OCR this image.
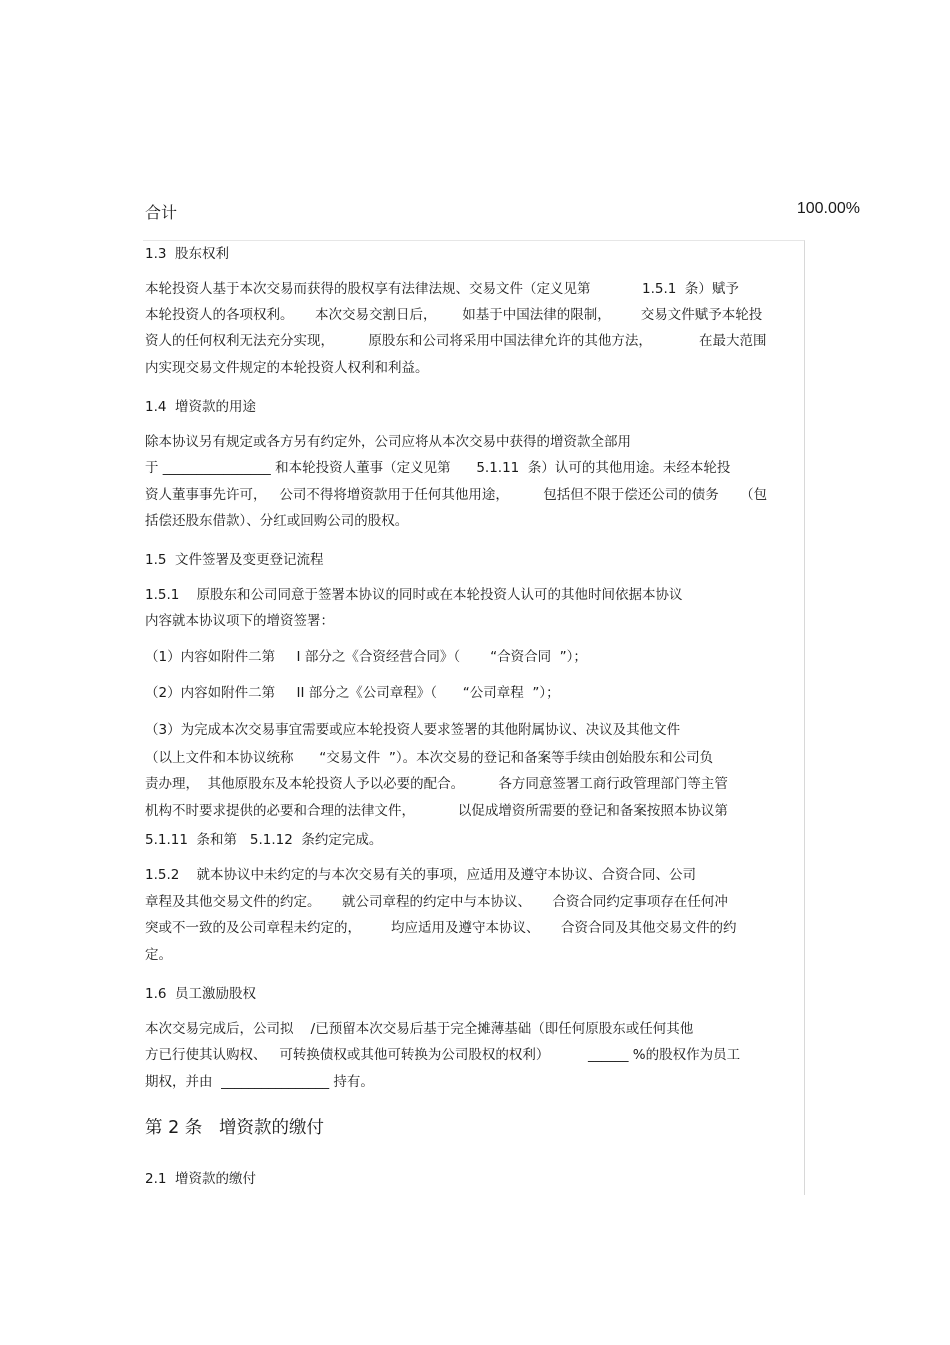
合计	100.00%
1.3  股东权利
本轮投资人基于本次交易而获得的股权享有法律法规、交易文件（定义见第            1.5.1  条）赋予
本轮投资人的各项权利。     本次交易交割日后，      如基于中国法律的限制，       交易文件赋予本轮投
资人的任何权利无法充分实现，        原股东和公司将采用中国法律允许的其他方法，           在最大范围
内实现交易文件规定的本轮投资人权利和利益。
1.4  增资款的用途
除本协议另有规定或各方另有约定外，公司应将从本次交易中获得的增资款全部用
于 ________________ 和本轮投资人董事（定义见第      5.1.11  条）认可的其他用途。未经本轮投
资人董事事先许可，   公司不得将增资款用于任何其他用途，        包括但不限于偿还公司的债务     （包
括偿还股东借款）、分红或回购公司的股权。
1.5  文件签署及变更登记流程
1.5.1    原股东和公司同意于签署本协议的同时或在本轮投资人认可的其他时间依据本协议
内容就本协议项下的增资签署：
（1）内容如附件二第     I 部分之《合资经营合同》（       “合资合同  ”）；
（2）内容如附件二第     II 部分之《公司章程》（      “公司章程  ”）；
（3）为完成本次交易事宜需要或应本轮投资人要求签署的其他附属协议、决议及其他文件
（以上文件和本协议统称      “交易文件  ”）。本次交易的登记和备案等手续由创始股东和公司负
责办理，  其他原股东及本轮投资人予以必要的配合。        各方同意签署工商行政管理部门等主管
机构不时要求提供的必要和合理的法律文件，          以促成增资所需要的登记和备案按照本协议第
5.1.11  条和第   5.1.12  条约定完成。
1.5.2    就本协议中未约定的与本次交易有关的事项，应适用及遵守本协议、合资合同、公司
章程及其他交易文件的约定。     就公司章程的约定中与本协议、     合资合同约定事项存在任何冲
突或不一致的及公司章程未约定的，       均应适用及遵守本协议、     合资合同及其他交易文件的约
定。
1.6  员工激励股权
本次交易完成后，公司拟    /已预留本次交易后基于完全摊薄基础（即任何原股东或任何其他
方已行使其认购权、   可转换债权或其他可转换为公司股权的权利）         ______ %的股权作为员工
期权，并由  ________________ 持有。
第 2 条   增资款的缴付
2.1  增资款的缴付
